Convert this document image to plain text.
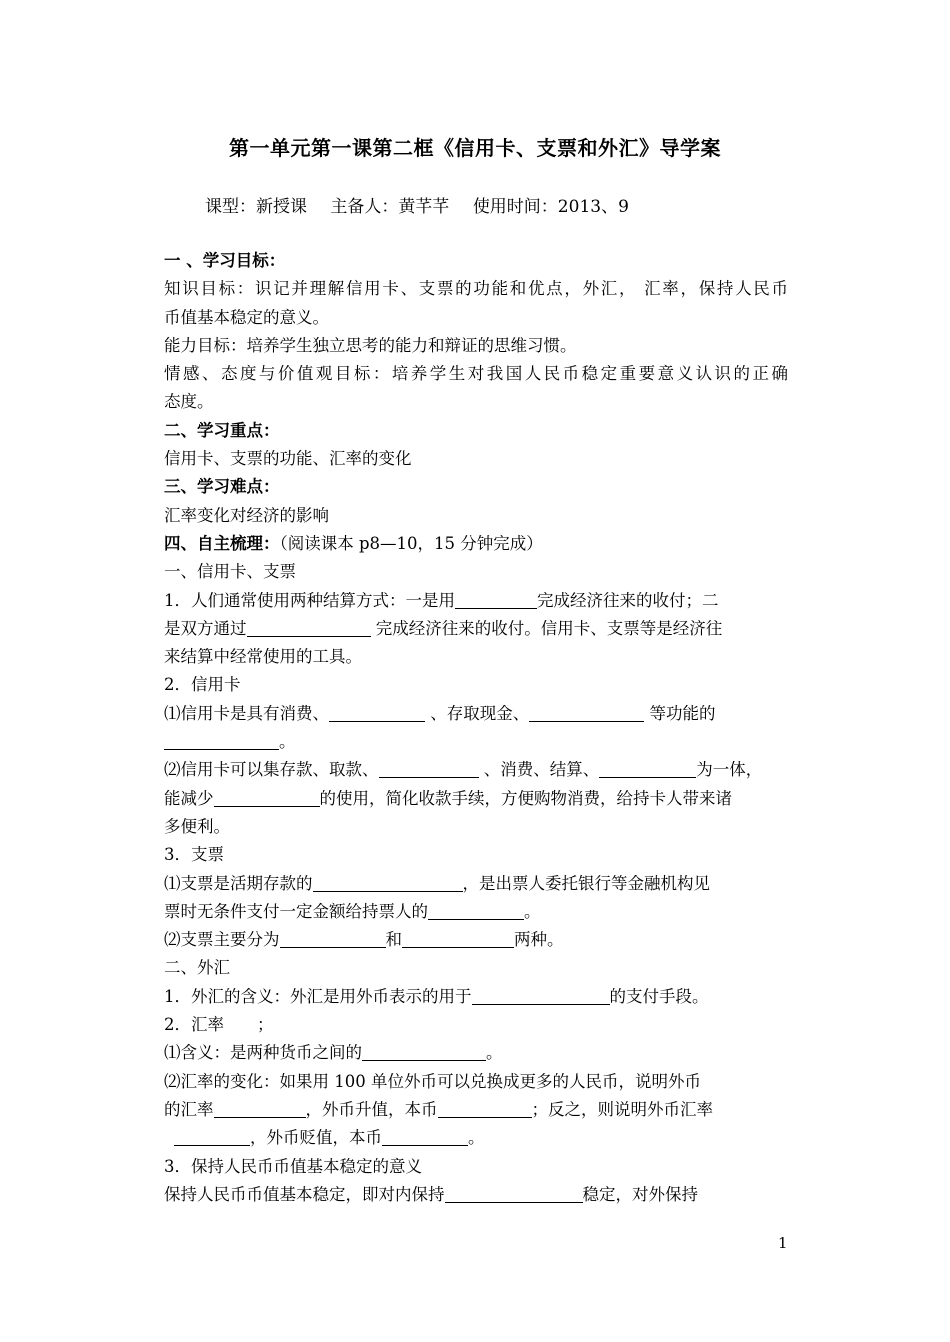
第一单元第一课第二框《信用卡、支票和外汇》导学案
课型：新授课 主备人：黄芊芊 使用时间：2013、9
一 、学习目标：
知识目标：识记并理解信用卡、支票的功能和优点，外汇， 汇率，保持人民币
币值基本稳定的意义。
能力目标：培养学生独立思考的能力和辩证的思维习惯。
情感、态度与价值观目标：培养学生对我国人民币稳定重要意义认识的正确
态度。
二、学习重点：
信用卡、支票的功能、汇率的变化
三、学习难点：
汇率变化对经济的影响
四、自主梳理：（阅读课本 p8—10，15 分钟完成）
一、信用卡、支票
1．人们通常使用两种结算方式：一是用	完成经济往来的收付；二
是双方通过	完成经济往来的收付。信用卡、支票等是经济往
来结算中经常使用的工具。
2．信用卡
⑴信用卡是具有消费、	、存取现金、	等功能的
。
⑵信用卡可以集存款、取款、	、消费、结算、	为一体，
能减少	的使用，简化收款手续，方便购物消费，给持卡人带来诸
多便利。
3．支票
⑴支票是活期存款的	，是出票人委托银行等金融机构见
票时无条件支付一定金额给持票人的	。
⑵支票主要分为	和	两种。
二、外汇
1．外汇的含义：外汇是用外币表示的用于	的支付手段。
2．汇率　　；
⑴含义：是两种货币之间的	。
⑵汇率的变化：如果用 100 单位外币可以兑换成更多的人民币，说明外币
的汇率	，外币升值，本币	；反之，则说明外币汇率
，外币贬值，本币	。
3．保持人民币币值基本稳定的意义
保持人民币币值基本稳定，即对内保持	稳定，对外保持
1
